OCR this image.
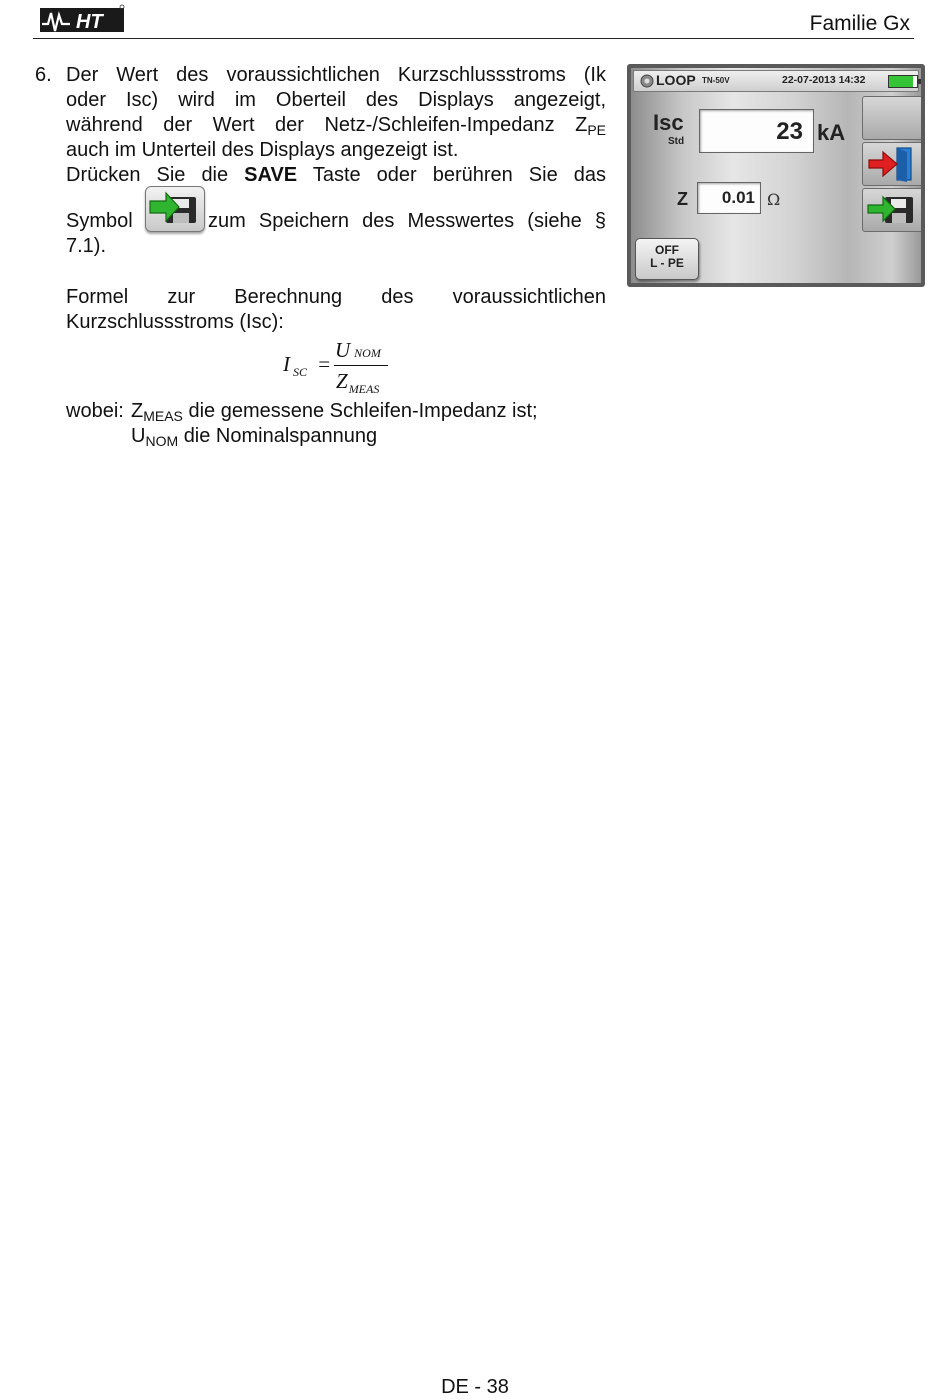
HT	Familie Gx
6. Der Wert des voraussichtlichen Kurzschlussstroms (Ik
oder Isc) wird im Oberteil des Displays angezeigt,
während der Wert der Netz-/Schleifen-Impedanz $Z_{PE}$
auch im Unterteil des Displays angezeigt ist.
Drücken Sie die SAVE Taste oder berühren Sie das
Symbol	zum Speichern des Messwertes (siehe §
7.1).
Formel zur Berechnung des voraussichtlichen
Kurzschlussstroms (Isc):
UNOM
I $_{SC}$ =
$Z_{MEAS}$
wobei: $Z_{MEAS}$ die gemessene Schleifen-Impedanz ist;
$U_{NOM}$ die Nominalspannung
LOOP TN-50V	22-07-2013 14:32
Isc
Std	23 kA
Z 0.01 Ω
OFF
L - PE
DE - 38
